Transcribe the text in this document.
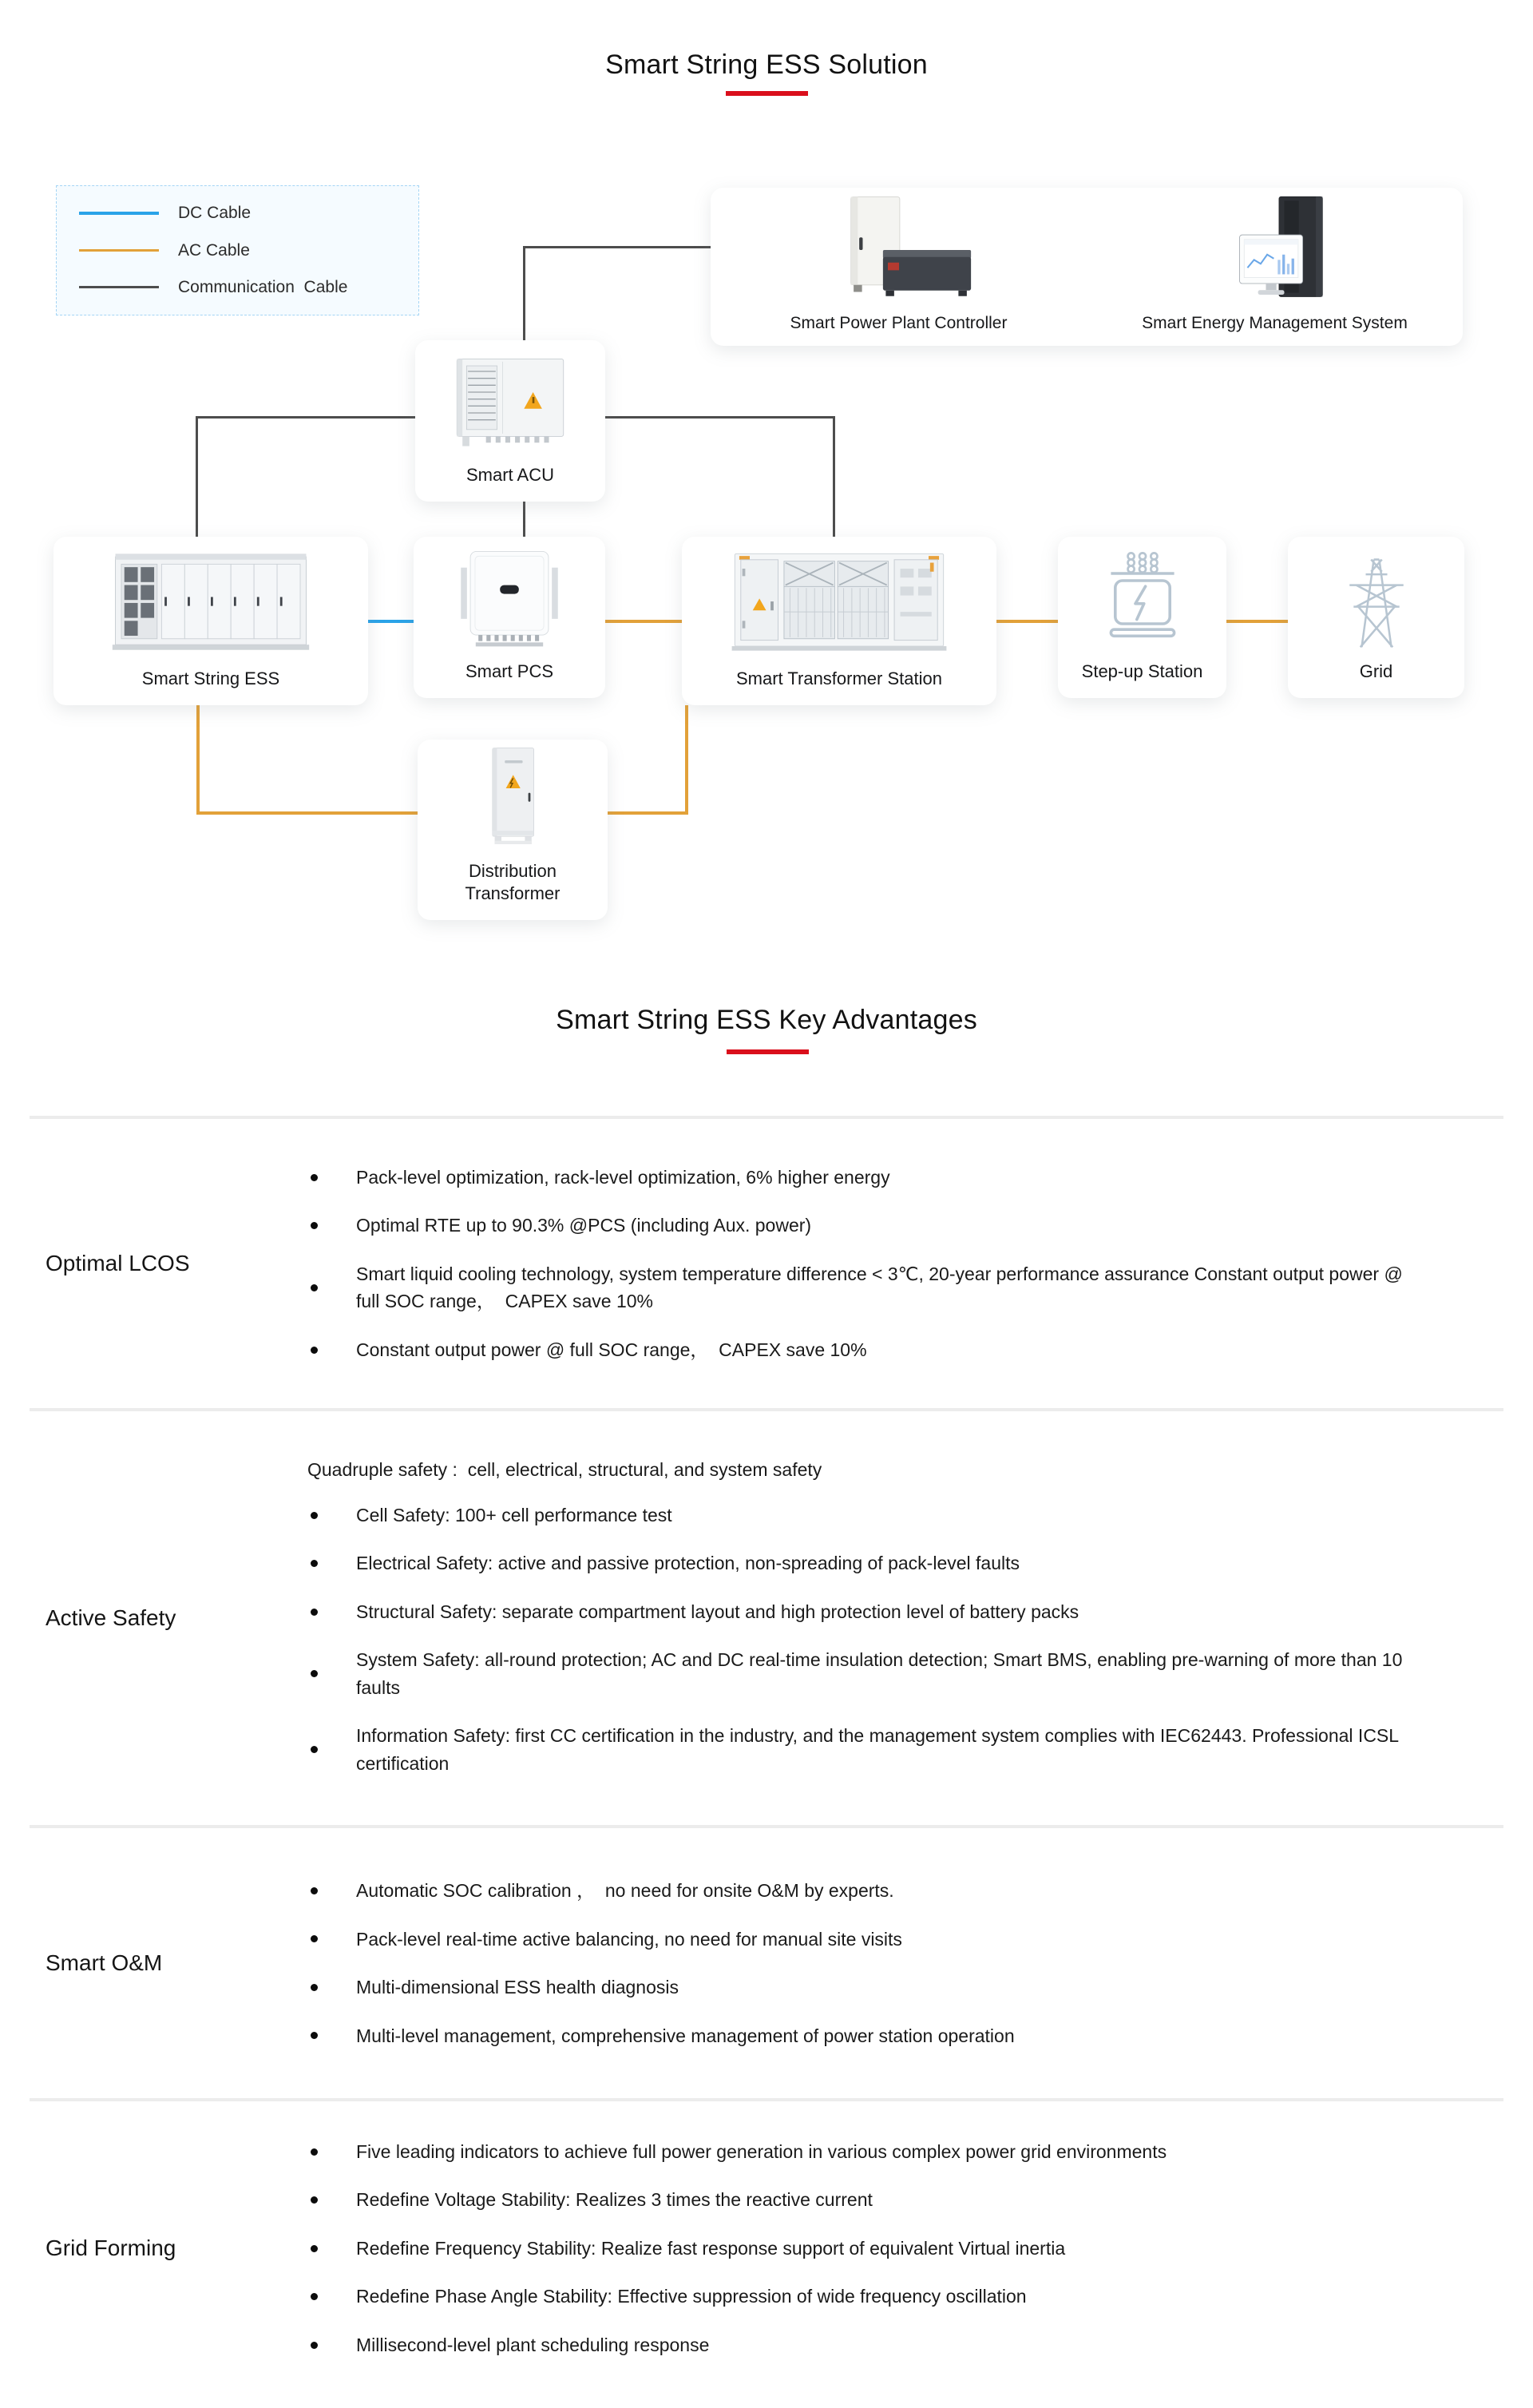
Smart String ESS Solution
DC Cable
AC Cable
Communication  Cable
Smart Power Plant Controller	Smart Energy Management System
Smart ACU
Smart String ESS	Smart PCS	Smart Transformer Station	Step-up Station	Grid
Distribution
Transformer
Smart String ESS Key Advantages
Optimal LCOS
Pack-level optimization, rack-level optimization, 6% higher energy
Optimal RTE up to 90.3% @PCS (including Aux. power)
Smart liquid cooling technology, system temperature difference < 3℃, 20-year performance assurance Constant output power @ full SOC range，  CAPEX save 10%
Constant output power @ full SOC range，  CAPEX save 10%
Active Safety
Quadruple safety :  cell, electrical, structural, and system safety
Cell Safety: 100+ cell performance test
Electrical Safety: active and passive protection, non-spreading of pack-level faults
Structural Safety: separate compartment layout and high protection level of battery packs
System Safety: all-round protection; AC and DC real-time insulation detection; Smart BMS, enabling pre-warning of more than 10 faults
Information Safety: first CC certification in the industry, and the management system complies with IEC62443. Professional ICSL certification
Smart O&M
Automatic SOC calibration ，  no need for onsite O&M by experts.
Pack-level real-time active balancing, no need for manual site visits
Multi-dimensional ESS health diagnosis
Multi-level management, comprehensive management of power station operation
Grid Forming
Five leading indicators to achieve full power generation in various complex power grid environments
Redefine Voltage Stability: Realizes 3 times the reactive current
Redefine Frequency Stability: Realize fast response support of equivalent Virtual inertia
Redefine Phase Angle Stability: Effective suppression of wide frequency oscillation
Millisecond-level plant scheduling response
